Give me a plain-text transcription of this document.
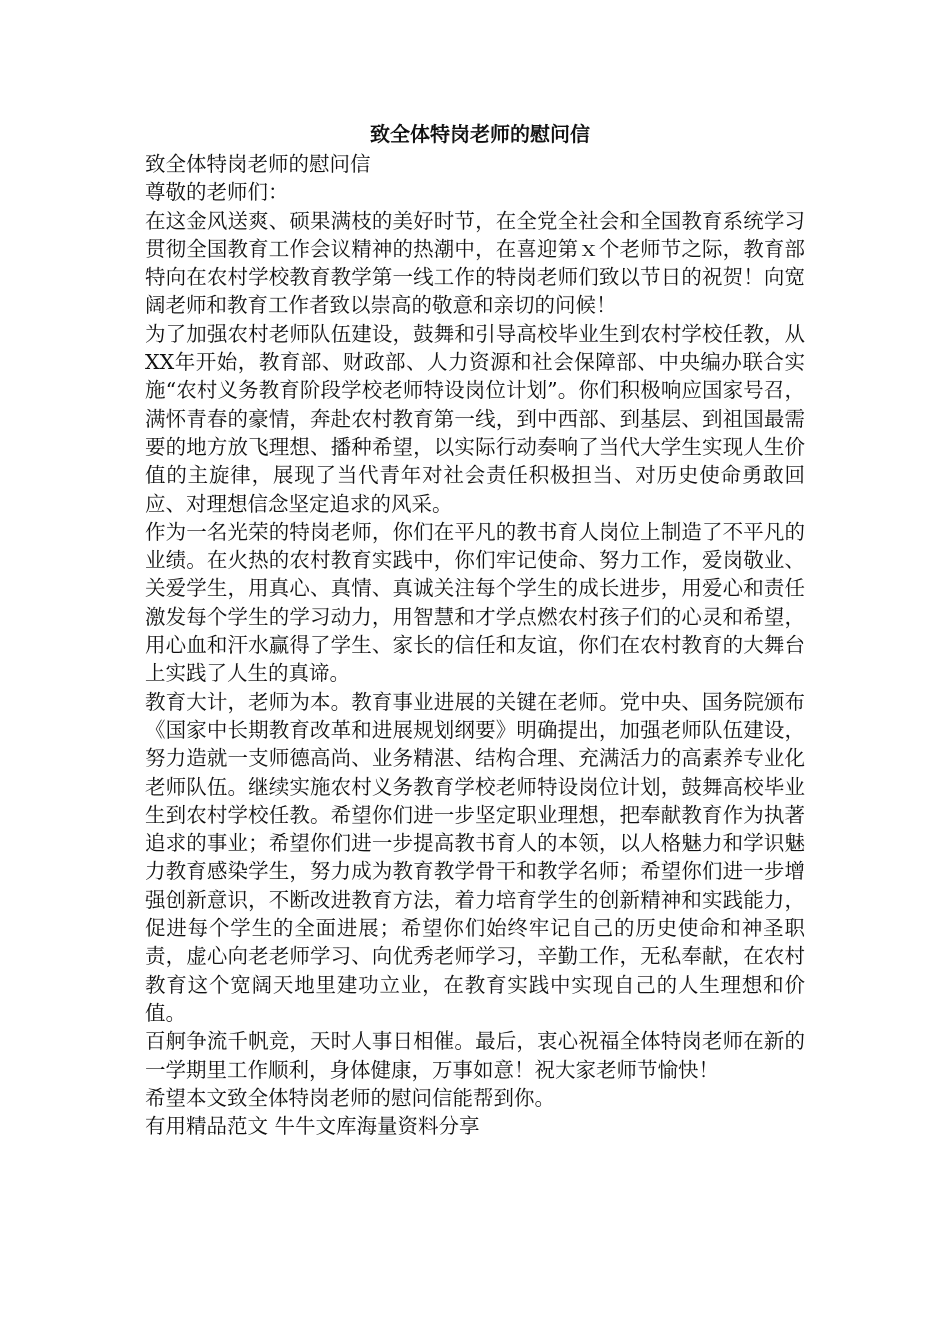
致全体特岗老师的慰问信

致全体特岗老师的慰问信

尊敬的老师们：

在这金风送爽、硕果满枝的美好时节，在全党全社会和全国教育系统学习贯彻全国教育工作会议精神的热潮中，在喜迎第ｘ个老师节之际，教育部特向在农村学校教育教学第一线工作的特岗老师们致以节日的祝贺！向宽阔老师和教育工作者致以崇高的敬意和亲切的问候！

为了加强农村老师队伍建设，鼓舞和引导高校毕业生到农村学校任教，从XX年开始，教育部、财政部、人力资源和社会保障部、中央编办联合实施“农村义务教育阶段学校老师特设岗位计划”。你们积极响应国家号召，满怀青春的豪情，奔赴农村教育第一线，到中西部、到基层、到祖国最需要的地方放飞理想、播种希望，以实际行动奏响了当代大学生实现人生价值的主旋律，展现了当代青年对社会责任积极担当、对历史使命勇敢回应、对理想信念坚定追求的风采。

作为一名光荣的特岗老师，你们在平凡的教书育人岗位上制造了不平凡的业绩。在火热的农村教育实践中，你们牢记使命、努力工作，爱岗敬业、关爱学生，用真心、真情、真诚关注每个学生的成长进步，用爱心和责任激发每个学生的学习动力，用智慧和才学点燃农村孩子们的心灵和希望，用心血和汗水赢得了学生、家长的信任和友谊，你们在农村教育的大舞台上实践了人生的真谛。

教育大计，老师为本。教育事业进展的关键在老师。党中央、国务院颁布《国家中长期教育改革和进展规划纲要》明确提出，加强老师队伍建设，努力造就一支师德高尚、业务精湛、结构合理、充满活力的高素养专业化老师队伍。继续实施农村义务教育学校老师特设岗位计划，鼓舞高校毕业生到农村学校任教。希望你们进一步坚定职业理想，把奉献教育作为执著追求的事业；希望你们进一步提高教书育人的本领，以人格魅力和学识魅力教育感染学生，努力成为教育教学骨干和教学名师；希望你们进一步增强创新意识，不断改进教育方法，着力培育学生的创新精神和实践能力，促进每个学生的全面进展；希望你们始终牢记自己的历史使命和神圣职责，虚心向老老师学习、向优秀老师学习，辛勤工作，无私奉献，在农村教育这个宽阔天地里建功立业，在教育实践中实现自己的人生理想和价值。

百舸争流千帆竞，天时人事日相催。最后，衷心祝福全体特岗老师在新的一学期里工作顺利，身体健康，万事如意！祝大家老师节愉快！

希望本文致全体特岗老师的慰问信能帮到你。

有用精品范文 牛牛文库海量资料分享
